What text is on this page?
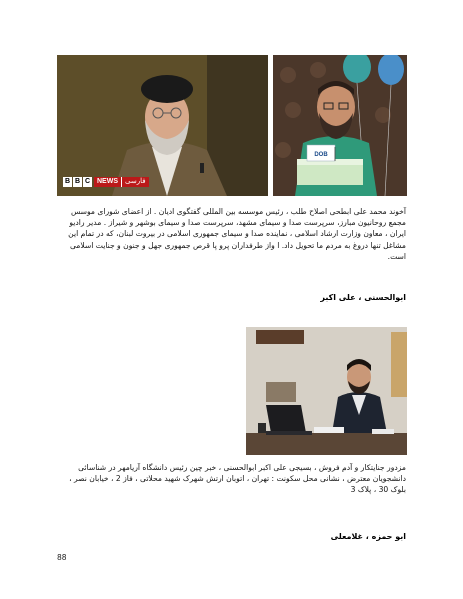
B B C NEWS	فارسی
DOB
آخوند محمد علی ابطحی اصلاح طلب ، رئیس موسسه بین المللی گفتگوی ادیان . از اعضای شورای موسس مجمع روحانیون مبارز، سرپرست صدا و سیمای مشهد، سرپرست صدا و سیمای بوشهر و شیراز . مدیر رادیو ایران ، معاون وزارت ارشاد اسلامی ، نماینده صدا و سیمای جمهوری اسلامی در بیروت لبنان، که در تمام این مشاغل تنها دروغ به مردم ما تحویل داد. ا واز طرفداران پرو پا قرص جمهوری جهل و جنون و جنایت اسلامی است.
ابوالحسنی ، علی اکبر
مزدور جنایتکار و آدم فروش ، بسیجی علی اکبر ابوالحسنی ، خبر چین رئیس دانشگاه آریامهر در شناسائی دانشجویان معترض ، نشانی محل سکونت : تهران ، اتوبان ارتش شهرک شهید محلاتی ، فاز 2 ، خیابان نصر ، بلوک 30 ، پلاک 3
ابو حمزه ، غلامعلی
88
